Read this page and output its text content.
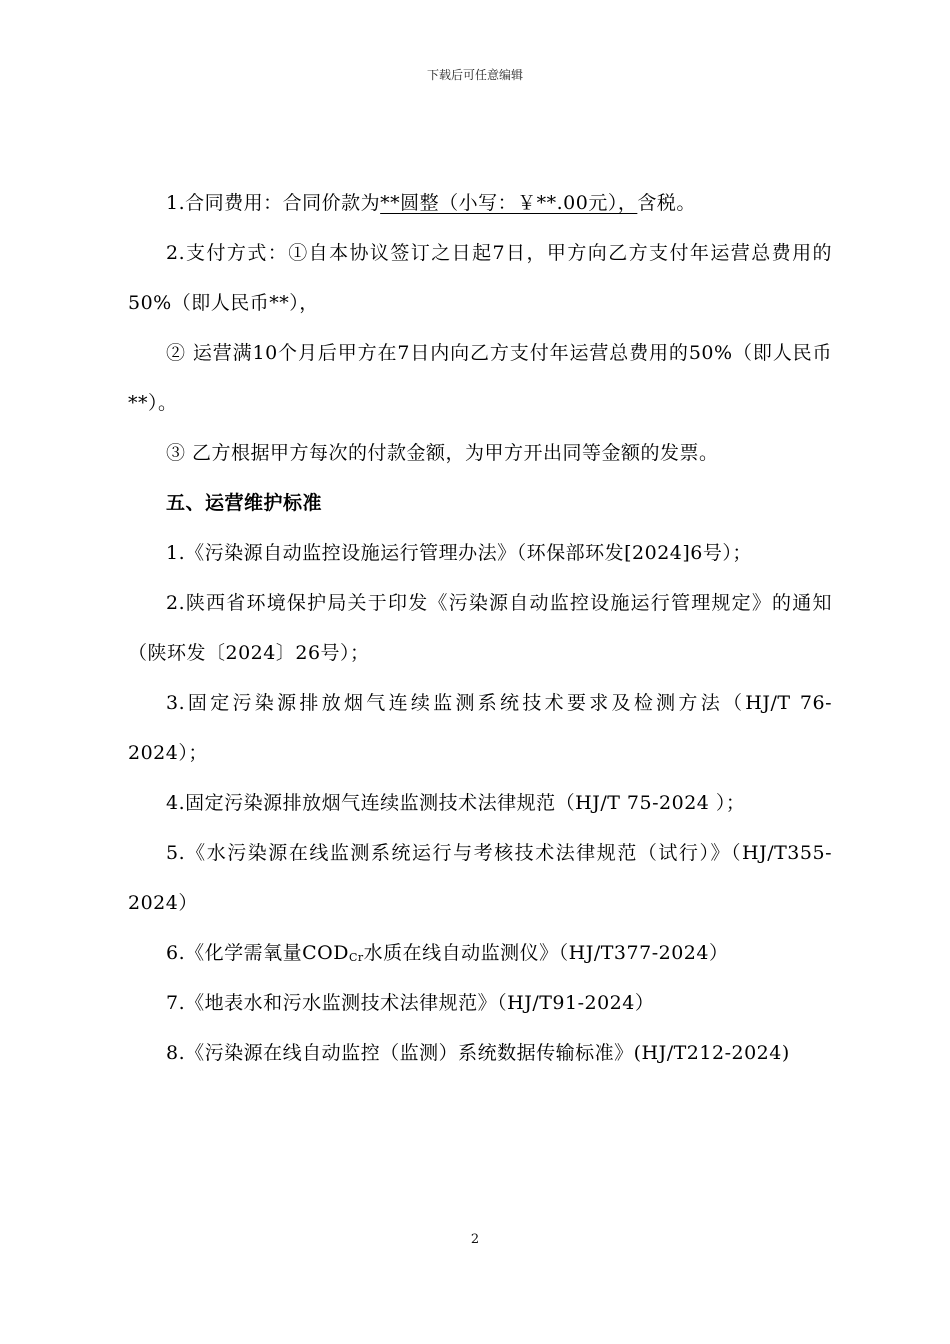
下载后可任意编辑

1.合同费用：合同价款为**圆整（小写：￥**.00元），含税。

2.支付方式：①自本协议签订之日起7日，甲方向乙方支付年运营总费用的50%（即人民币**），

② 运营满10个月后甲方在7日内向乙方支付年运营总费用的50%（即人民币**）。

③ 乙方根据甲方每次的付款金额，为甲方开出同等金额的发票。

五、运营维护标准

1.《污染源自动监控设施运行管理办法》（环保部环发[2024]6号）；

2.陕西省环境保护局关于印发《污染源自动监控设施运行管理规定》的通知（陕环发〔2024〕26号）；

3.固定污染源排放烟气连续监测系统技术要求及检测方法（HJ/T 76-2024）；

4.固定污染源排放烟气连续监测技术法律规范（HJ/T 75-2024 ）；

5.《水污染源在线监测系统运行与考核技术法律规范（试行）》（HJ/T355-2024）

6.《化学需氧量$COD_{Cr}$水质在线自动监测仪》（HJ/T377-2024）

7.《地表水和污水监测技术法律规范》（HJ/T91-2024）

8.《污染源在线自动监控（监测）系统数据传输标准》(HJ/T212-2024)

2
